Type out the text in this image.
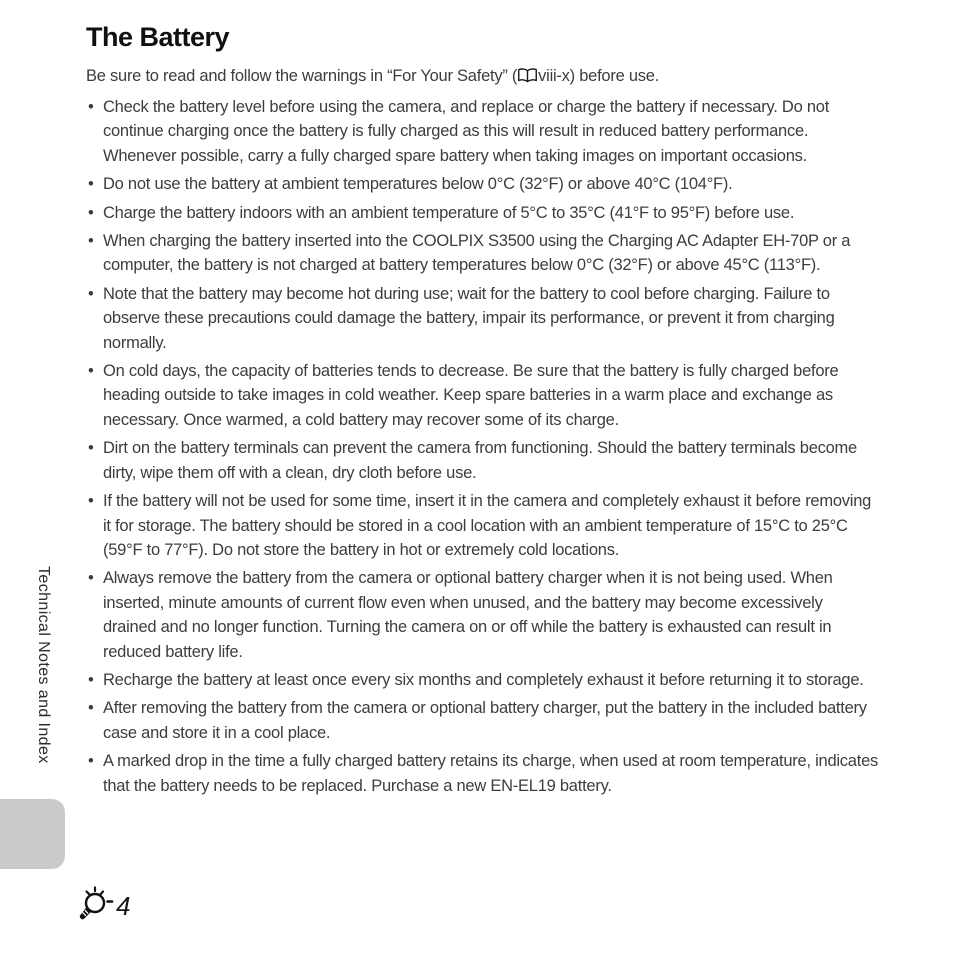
Technical Notes and Index
The Battery

Be sure to read and follow the warnings in “For Your Safety” ( viii-x) before use.

• Check the battery level before using the camera, and replace or charge the battery if necessary. Do not continue charging once the battery is fully charged as this will result in reduced battery performance. Whenever possible, carry a fully charged spare battery when taking images on important occasions.
• Do not use the battery at ambient temperatures below 0°C (32°F) or above 40°C (104°F).
• Charge the battery indoors with an ambient temperature of 5°C to 35°C (41°F to 95°F) before use.
• When charging the battery inserted into the COOLPIX S3500 using the Charging AC Adapter EH-70P or a computer, the battery is not charged at battery temperatures below 0°C (32°F) or above 45°C (113°F).
• Note that the battery may become hot during use; wait for the battery to cool before charging. Failure to observe these precautions could damage the battery, impair its performance, or prevent it from charging normally.
• On cold days, the capacity of batteries tends to decrease. Be sure that the battery is fully charged before heading outside to take images in cold weather. Keep spare batteries in a warm place and exchange as necessary. Once warmed, a cold battery may recover some of its charge.
• Dirt on the battery terminals can prevent the camera from functioning. Should the battery terminals become dirty, wipe them off with a clean, dry cloth before use.
• If the battery will not be used for some time, insert it in the camera and completely exhaust it before removing it for storage. The battery should be stored in a cool location with an ambient temperature of 15°C to 25°C (59°F to 77°F). Do not store the battery in hot or extremely cold locations.
• Always remove the battery from the camera or optional battery charger when it is not being used. When inserted, minute amounts of current flow even when unused, and the battery may become excessively drained and no longer function. Turning the camera on or off while the battery is exhausted can result in reduced battery life.
• Recharge the battery at least once every six months and completely exhaust it before returning it to storage.
• After removing the battery from the camera or optional battery charger, put the battery in the included battery case and store it in a cool place.
• A marked drop in the time a fully charged battery retains its charge, when used at room temperature, indicates that the battery needs to be replaced. Purchase a new EN-EL19 battery.
4
